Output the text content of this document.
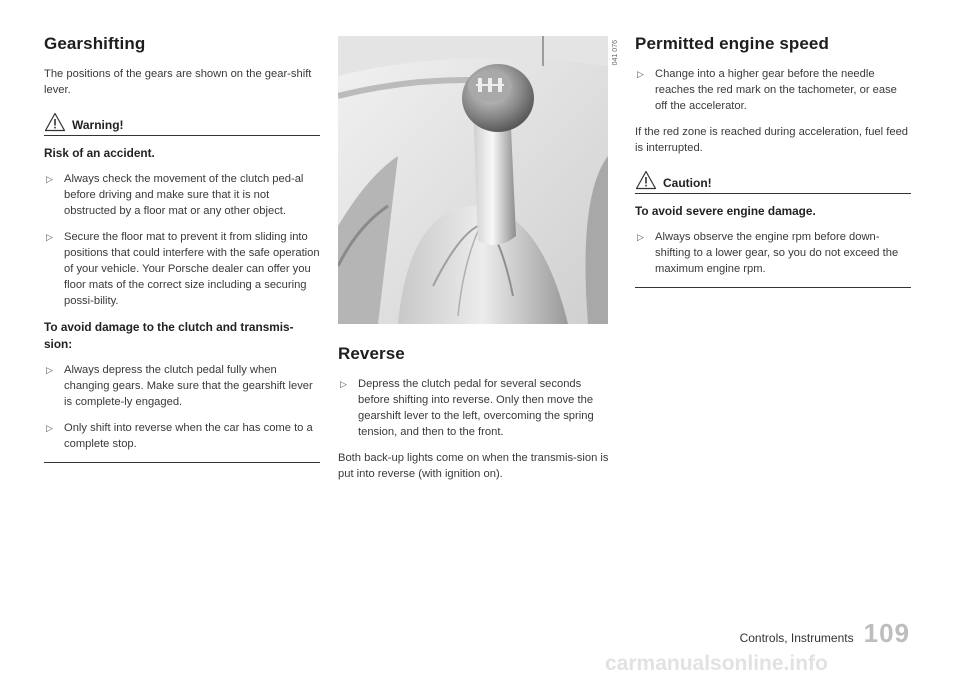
Gearshifting

The positions of the gears are shown on the gear-shift lever.

Warning!
Risk of an accident.
▷ Always check the movement of the clutch ped-al before driving and make sure that it is not obstructed by a floor mat or any other object.
▷ Secure the floor mat to prevent it from sliding into positions that could interfere with the safe operation of your vehicle. Your Porsche dealer can offer you floor mats of the correct size including a securing possi-bility.
To avoid damage to the clutch and transmis-sion:
▷ Always depress the clutch pedal fully when changing gears. Make sure that the gearshift lever is complete-ly engaged.
▷ Only shift into reverse when the car has come to a complete stop.
Reverse
▷ Depress the clutch pedal for several seconds before shifting into reverse. Only then move the gearshift lever to the left, overcoming the spring tension, and then to the front.

Both back-up lights come on when the transmis-sion is put into reverse (with ignition on).

041 076 Permitted engine speed
▷ Change into a higher gear before the needle reaches the red mark on the tachometer, or ease off the accelerator.

If the red zone is reached during acceleration, fuel feed is interrupted.

Caution!
To avoid severe engine damage.
▷ Always observe the engine rpm before down-shifting to a lower gear, so you do not exceed the maximum engine rpm.
Controls, Instruments 109
carmanualsonline.info
